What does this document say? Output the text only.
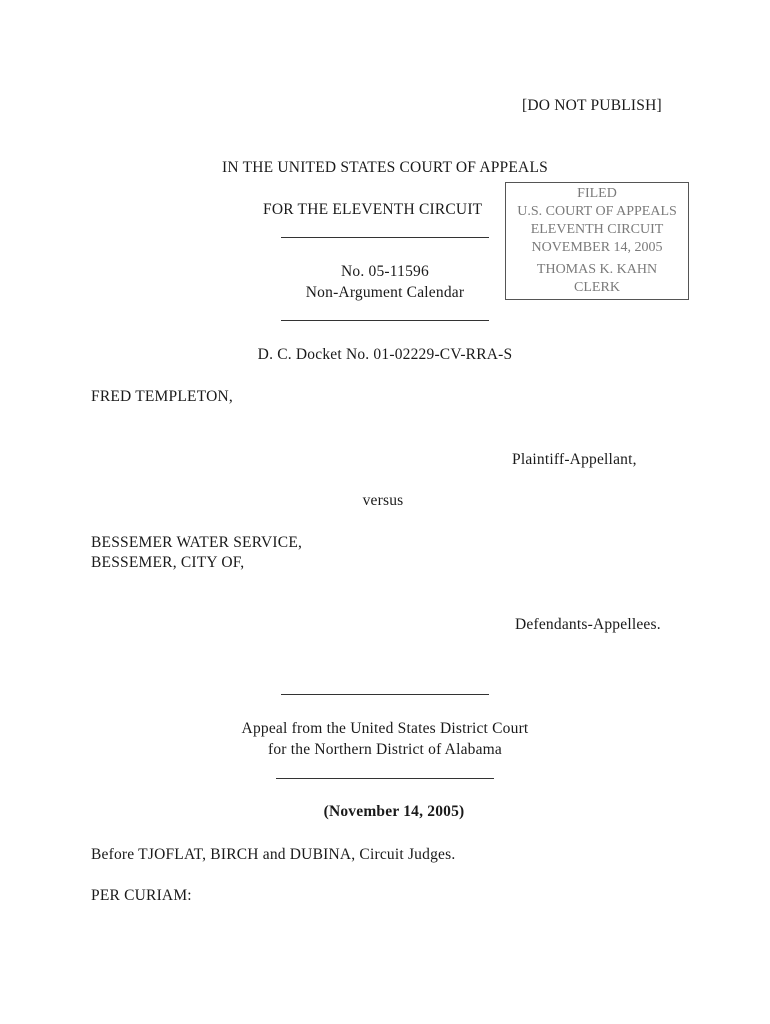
[DO NOT PUBLISH]
IN THE UNITED STATES COURT OF APPEALS
FOR THE ELEVENTH CIRCUIT
No. 05-11596
Non-Argument Calendar
FILED
U.S. COURT OF APPEALS
ELEVENTH CIRCUIT
NOVEMBER 14, 2005
THOMAS K. KAHN
CLERK
D. C. Docket No. 01-02229-CV-RRA-S
FRED TEMPLETON,
Plaintiff-Appellant,
versus
BESSEMER WATER SERVICE,
BESSEMER, CITY OF,
Defendants-Appellees.
Appeal from the United States District Court
for the Northern District of Alabama
(November 14, 2005)
Before TJOFLAT, BIRCH and DUBINA, Circuit Judges.
PER CURIAM:
